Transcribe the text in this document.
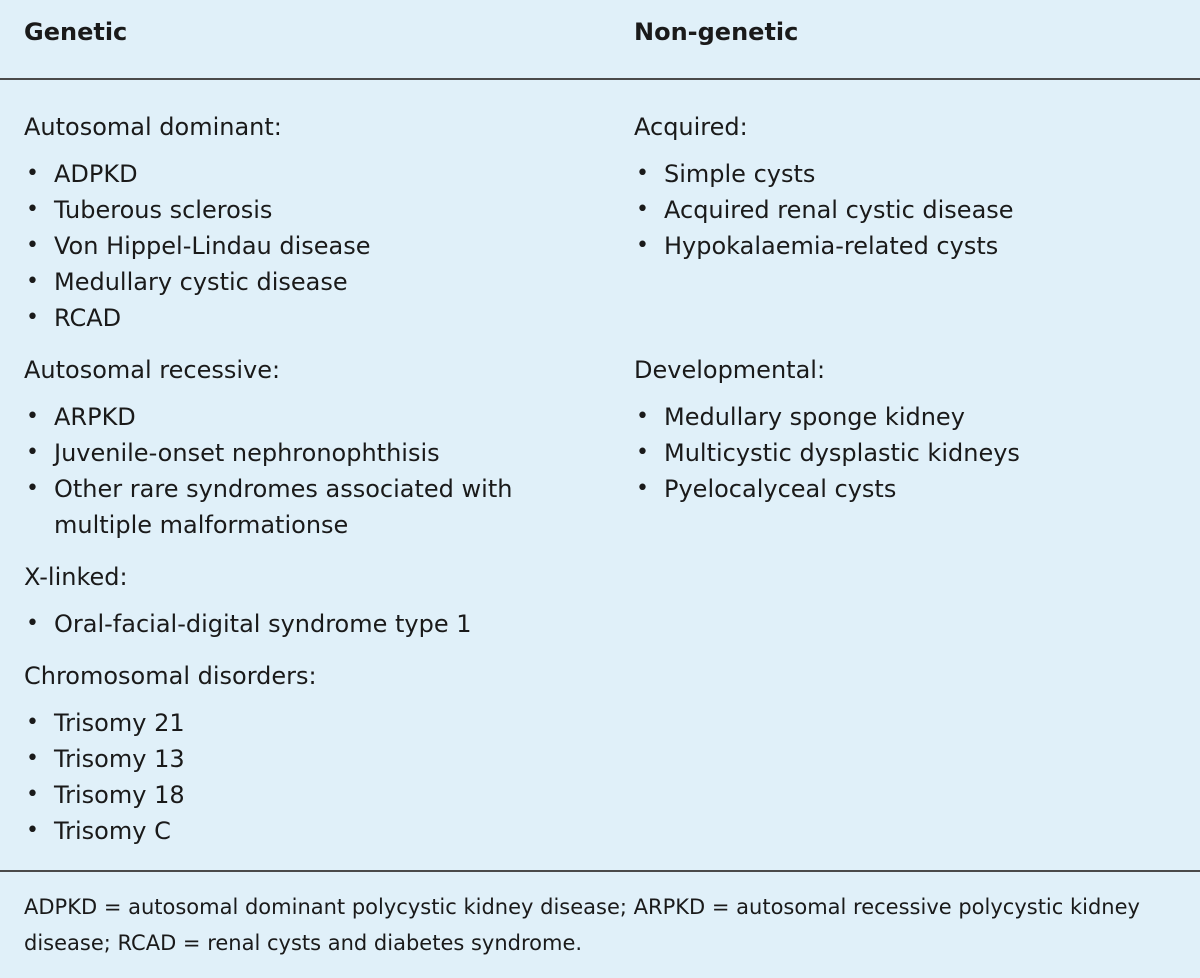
Genetic	Non-genetic
Autosomal dominant:
• ADPKD
• Tuberous sclerosis
• Von Hippel-Lindau disease
• Medullary cystic disease
• RCAD
Autosomal recessive:
• ARPKD
• Juvenile-onset nephronophthisis
• Other rare syndromes associated with multiple malformationse
X-linked:
• Oral-facial-digital syndrome type 1
Chromosomal disorders:
• Trisomy 21
• Trisomy 13
• Trisomy 18
• Trisomy C
Acquired:
• Simple cysts
• Acquired renal cystic disease
• Hypokalaemia-related cysts
Developmental:
• Medullary sponge kidney
• Multicystic dysplastic kidneys
• Pyelocalyceal cysts

ADPKD = autosomal dominant polycystic kidney disease; ARPKD = autosomal recessive polycystic kidney disease; RCAD = renal cysts and diabetes syndrome.
